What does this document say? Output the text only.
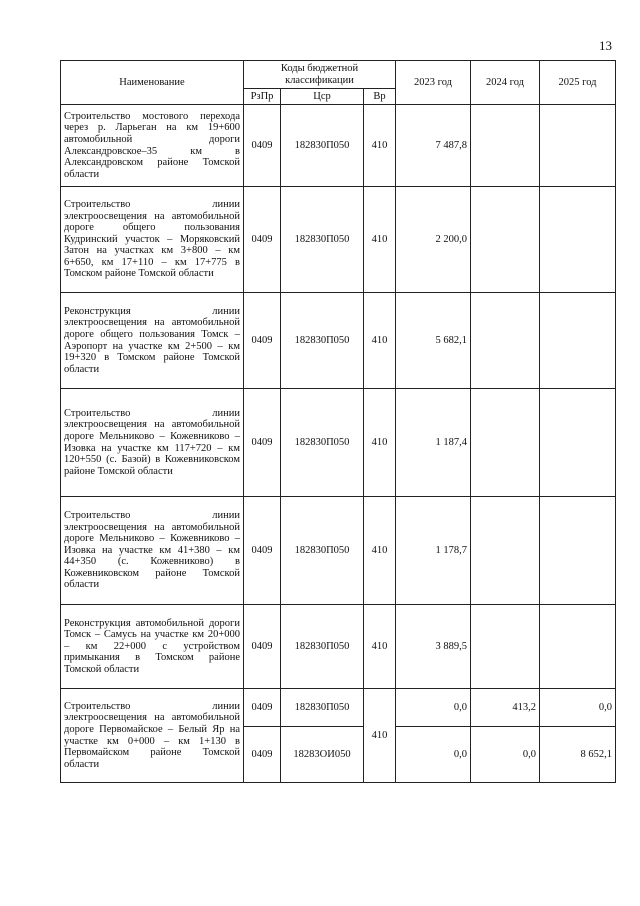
13
Наименование	Коды бюджетной классификации			2023 год	2024 год	2025 год
	РзПр	Цср	Вр			
Строительство мостового перехода через р. Ларьеган на км 19+600 автомобильной дороги Александровское–35 км в Александровском районе Томской области	0409	182830П050	410	7 487,8		
Строительство линии электроосвещения на автомобильной дороге общего пользования Кудринский участок – Моряковский Затон на участках км 3+800 – км 6+650, км 17+110 – км 17+775 в Томском районе Томской области	0409	182830П050	410	2 200,0		
Реконструкция линии электроосвещения на автомобильной дороге общего пользования Томск – Аэропорт на участке км 2+500 – км 19+320 в Томском районе Томской области	0409	182830П050	410	5 682,1		
Строительство линии электроосвещения на автомобильной дороге Мельниково – Кожевниково – Изовка на участке км 117+720 – км 120+550 (с. Базой) в Кожевниковском районе Томской области	0409	182830П050	410	1 187,4		
Строительство линии электроосвещения на автомобильной дороге Мельниково – Кожевниково – Изовка на участке км 41+380 – км 44+350 (с. Кожевниково) в Кожевниковском районе Томской области	0409	182830П050	410	1 178,7		
Реконструкция автомобильной дороги Томск – Самусь на участке км 20+000 – км 22+000 с устройством примыкания в Томском районе Томской области	0409	182830П050	410	3 889,5		
Строительство линии электроосвещения на автомобильной дороге Первомайское – Белый Яр на участке км 0+000 – км 1+130 в Первомайском районе Томской области	0409	182830П050	410	0,0	413,2	0,0
	0409	18283ОИ050		0,0	0,0	8 652,1
